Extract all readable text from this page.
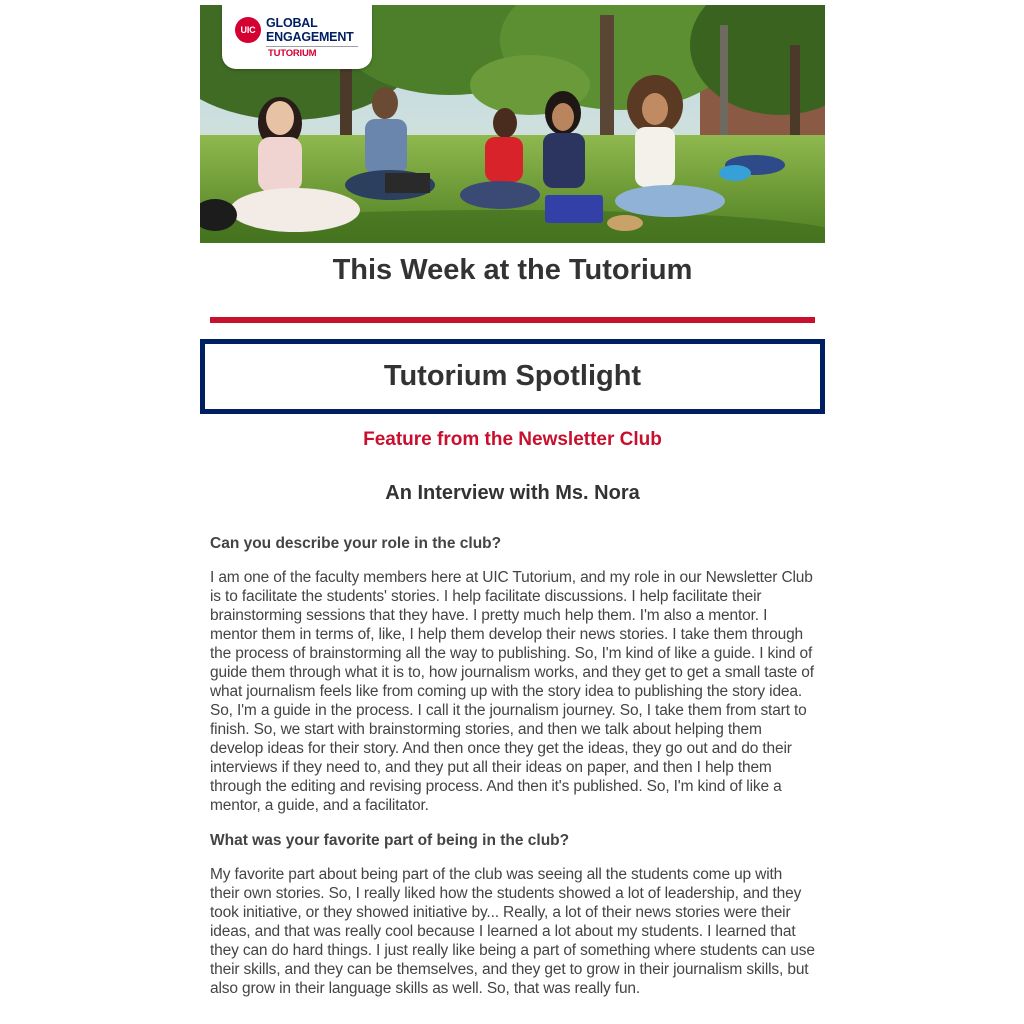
UIC GLOBAL
ENGAGEMENT
TUTORIUM
This Week at the Tutorium
Tutorium Spotlight
Feature from the Newsletter Club
An Interview with Ms. Nora

Can you describe your role in the club?

I am one of the faculty members here at UIC Tutorium, and my role in our Newsletter Club is to facilitate the students' stories. I help facilitate discussions. I help facilitate their brainstorming sessions that they have. I pretty much help them. I'm also a mentor. I mentor them in terms of, like, I help them develop their news stories. I take them through the process of brainstorming all the way to publishing. So, I'm kind of like a guide. I kind of guide them through what it is to, how journalism works, and they get to get a small taste of what journalism feels like from coming up with the story idea to publishing the story idea. So, I'm a guide in the process. I call it the journalism journey. So, I take them from start to finish. So, we start with brainstorming stories, and then we talk about helping them develop ideas for their story. And then once they get the ideas, they go out and do their interviews if they need to, and they put all their ideas on paper, and then I help them through the editing and revising process. And then it's published. So, I'm kind of like a mentor, a guide, and a facilitator.

What was your favorite part of being in the club?

My favorite part about being part of the club was seeing all the students come up with their own stories. So, I really liked how the students showed a lot of leadership, and they took initiative, or they showed initiative by... Really, a lot of their news stories were their ideas, and that was really cool because I learned a lot about my students. I learned that they can do hard things. I just really like being a part of something where students can use their skills, and they can be themselves, and they get to grow in their journalism skills, but also grow in their language skills as well. So, that was really fun.
